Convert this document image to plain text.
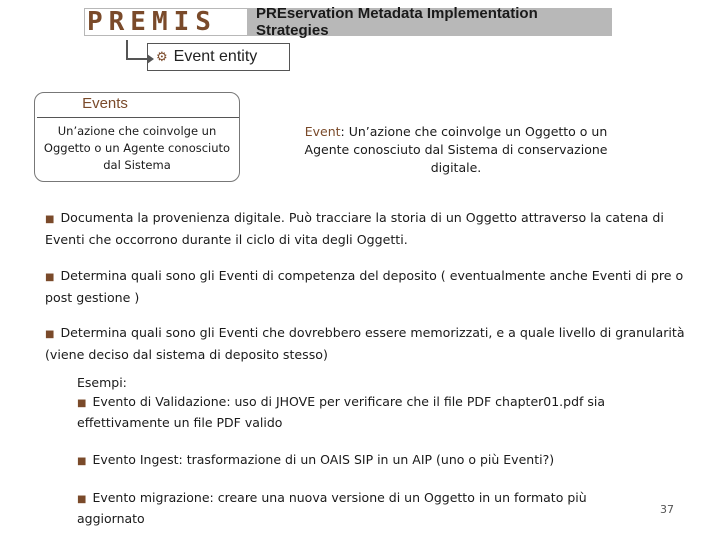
PREMIS	PREservation Metadata Implementation Strategies
⚙ Event entity
Events
Un’azione che coinvolge un Oggetto o un Agente conosciuto dal Sistema
Event: Un’azione che coinvolge un Oggetto o un Agente conosciuto dal Sistema di conservazione digitale.
■ Documenta la provenienza digitale. Può tracciare la storia di un Oggetto attraverso la catena di Eventi che occorrono durante il ciclo di vita degli Oggetti.
■ Determina quali sono gli Eventi di competenza del deposito ( eventualmente anche Eventi di pre o post gestione )
■ Determina quali sono gli Eventi che dovrebbero essere memorizzati, e a quale livello di granularità (viene deciso dal sistema di deposito stesso)
Esempi:
■ Evento di Validazione: uso di JHOVE per verificare che il file PDF chapter01.pdf sia effettivamente un file PDF valido
■ Evento Ingest: trasformazione di un OAIS SIP in un AIP (uno o più Eventi?)
■ Evento migrazione: creare una nuova versione di un Oggetto in un formato più aggiornato
37
